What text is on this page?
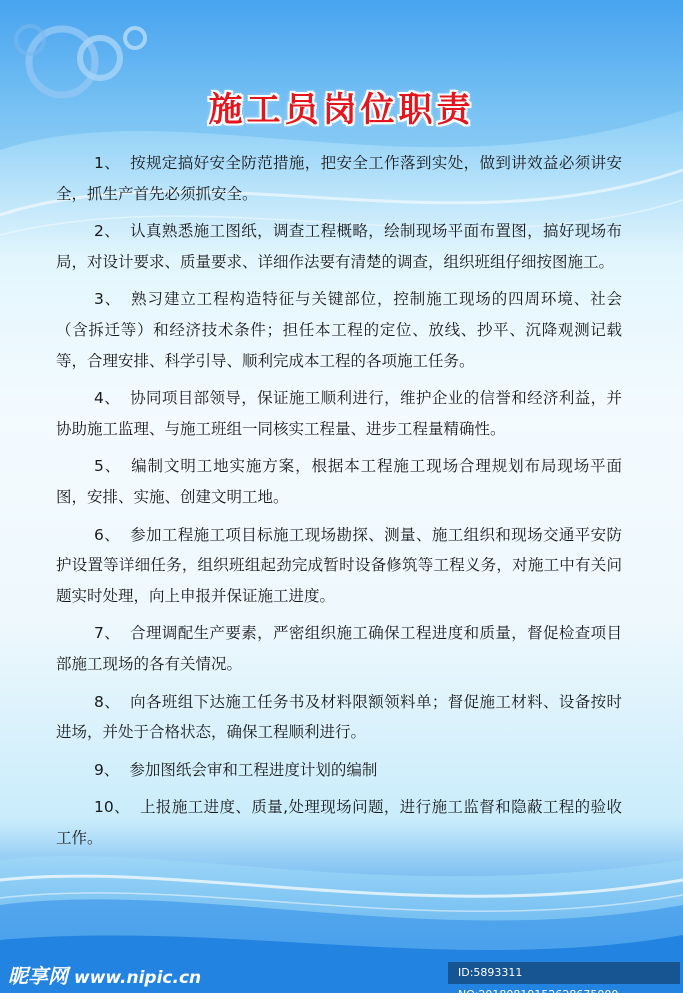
施工员岗位职责

1、 按规定搞好安全防范措施，把安全工作落到实处，做到讲效益必须讲安全，抓生产首先必须抓安全。

2、 认真熟悉施工图纸，调查工程概略，绘制现场平面布置图，搞好现场布局，对设计要求、质量要求、详细作法要有清楚的调查，组织班组仔细按图施工。

3、 熟习建立工程构造特征与关键部位，控制施工现场的四周环境、社会（含拆迁等）和经济技术条件；担任本工程的定位、放线、抄平、沉降观测记载等，合理安排、科学引导、顺利完成本工程的各项施工任务。

4、 协同项目部领导，保证施工顺利进行，维护企业的信誉和经济利益，并协助施工监理、与施工班组一同核实工程量、进步工程量精确性。

5、 编制文明工地实施方案，根据本工程施工现场合理规划布局现场平面图，安排、实施、创建文明工地。

6、 参加工程施工项目标施工现场勘探、测量、施工组织和现场交通平安防护设置等详细任务，组织班组起劲完成暂时设备修筑等工程义务，对施工中有关问题实时处理，向上申报并保证施工进度。

7、 合理调配生产要素，严密组织施工确保工程进度和质量，督促检查项目部施工现场的各有关情况。

8、 向各班组下达施工任务书及材料限额领料单；督促施工材料、设备按时进场，并处于合格状态，确保工程顺利进行。

9、 参加图纸会审和工程进度计划的编制

10、 上报施工进度、质量,处理现场问题，进行施工监督和隐蔽工程的验收工作。

昵享网 www.nipic.cn	ID:5893311 NO:20180819152628675000
